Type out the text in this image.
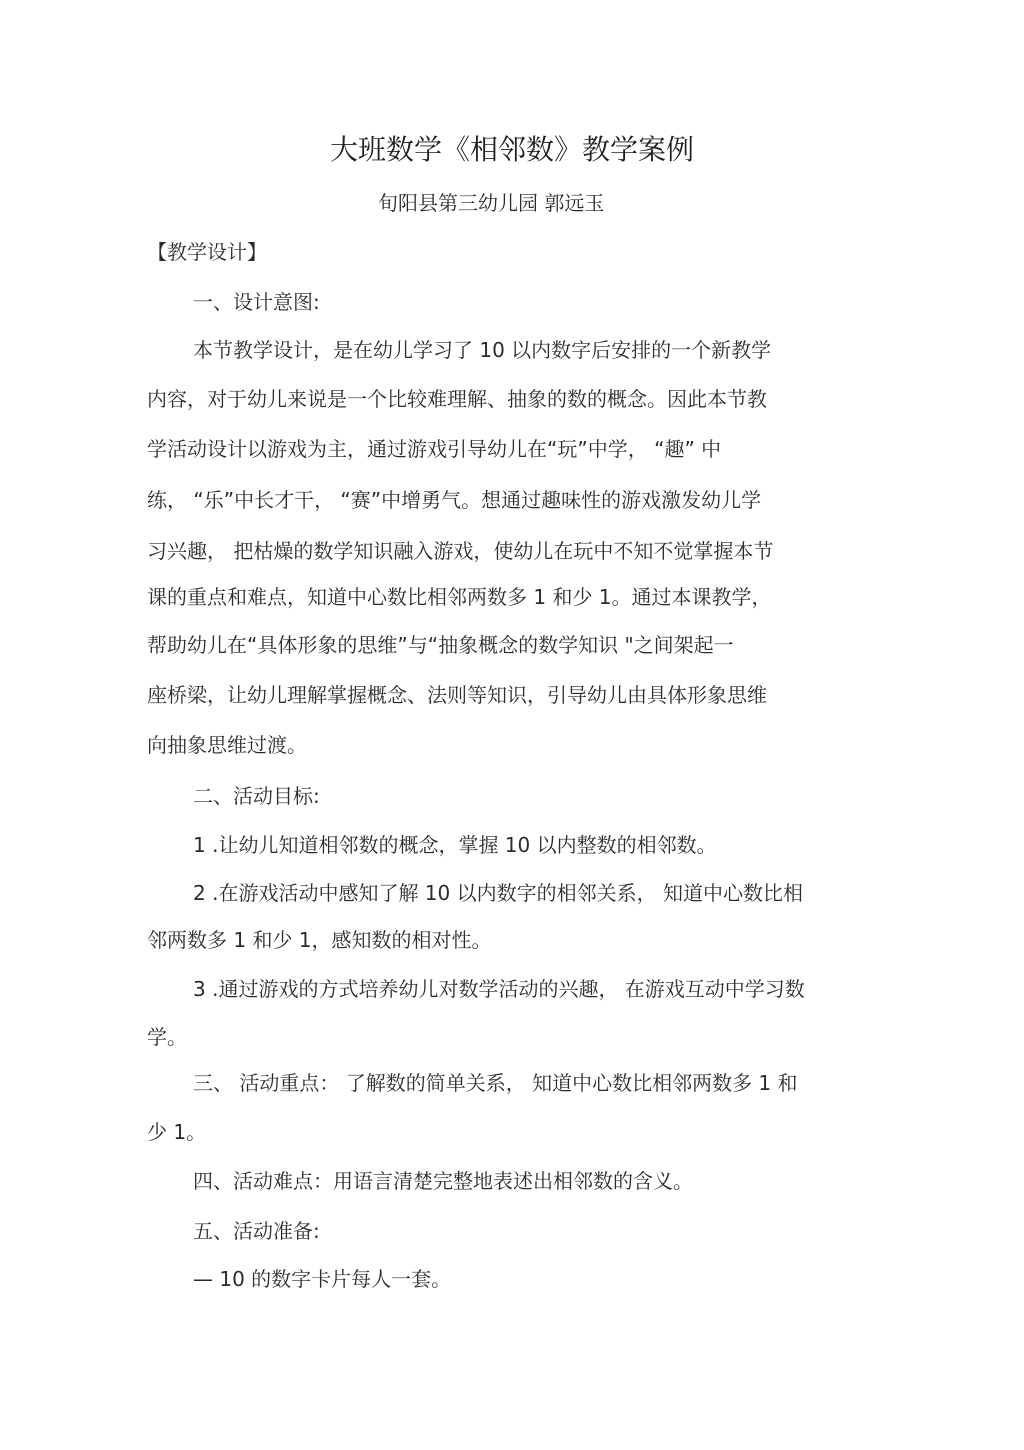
大班数学《相邻数》教学案例
旬阳县第三幼儿园 郭远玉
【教学设计】
一、设计意图:
本节教学设计，是在幼儿学习了 10 以内数字后安排的一个新教学
内容，对于幼儿来说是一个比较难理解、抽象的数的概念。因此本节教
学活动设计以游戏为主，通过游戏引导幼儿在“玩”中学， “趣” 中
练， “乐”中长才干， “赛”中增勇气。想通过趣味性的游戏激发幼儿学
习兴趣， 把枯燥的数学知识融入游戏，使幼儿在玩中不知不觉掌握本节
课的重点和难点，知道中心数比相邻两数多 1 和少 1。通过本课教学，
帮助幼儿在“具体形象的思维”与“抽象概念的数学知识 "之间架起一
座桥梁，让幼儿理解掌握概念、法则等知识，引导幼儿由具体形象思维
向抽象思维过渡。
二、活动目标:
1 .让幼儿知道相邻数的概念，掌握 10 以内整数的相邻数。
2 .在游戏活动中感知了解 10 以内数字的相邻关系， 知道中心数比相
邻两数多 1 和少 1，感知数的相对性。
3 .通过游戏的方式培养幼儿对数学活动的兴趣， 在游戏互动中学习数
学。
三、 活动重点： 了解数的简单关系， 知道中心数比相邻两数多 1 和
少 1。
四、活动难点：用语言清楚完整地表述出相邻数的含义。
五、活动准备:
— 10 的数字卡片每人一套。
